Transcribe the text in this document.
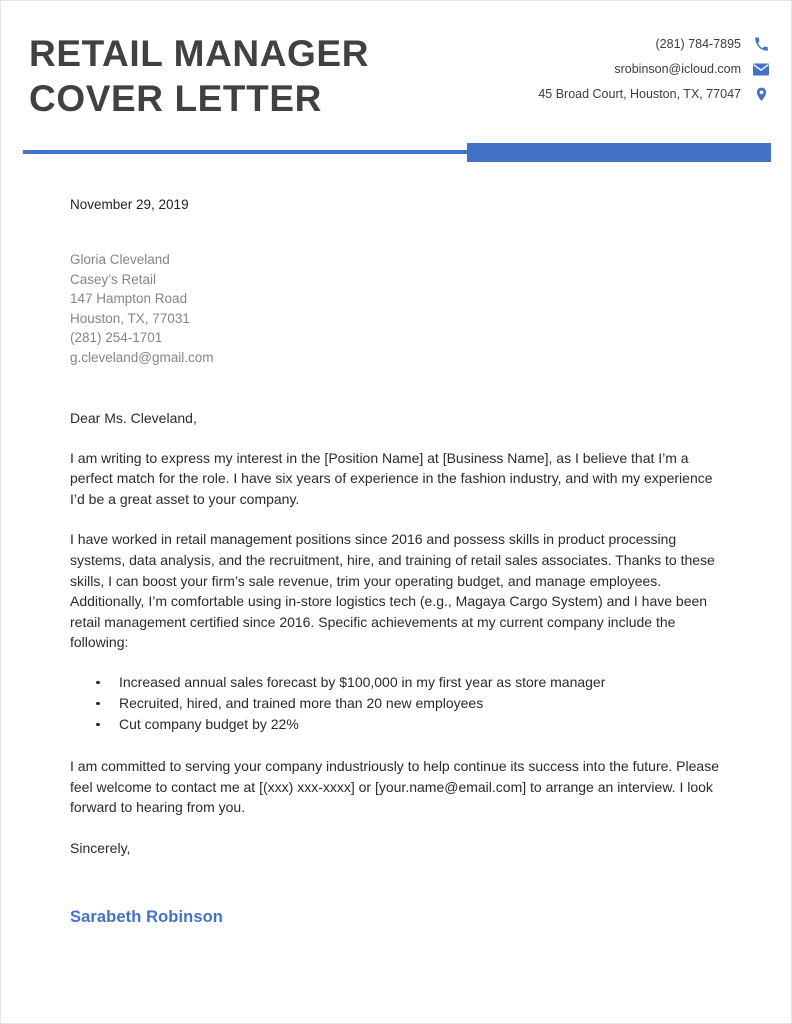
RETAIL MANAGER
COVER LETTER
(281) 784-7895
srobinson@icloud.com
45 Broad Court, Houston, TX, 77047
November 29, 2019
Gloria Cleveland
Casey’s Retail
147 Hampton Road
Houston, TX, 77031
(281) 254-1701
g.cleveland@gmail.com
Dear Ms. Cleveland,

I am writing to express my interest in the [Position Name] at [Business Name], as I believe that I’m a perfect match for the role. I have six years of experience in the fashion industry, and with my experience I’d be a great asset to your company.

I have worked in retail management positions since 2016 and possess skills in product processing systems, data analysis, and the recruitment, hire, and training of retail sales associates. Thanks to these skills, I can boost your firm’s sale revenue, trim your operating budget, and manage employees. Additionally, I’m comfortable using in-store logistics tech (e.g., Magaya Cargo System) and I have been retail management certified since 2016. Specific achievements at my current company include the following:

Increased annual sales forecast by $100,000 in my first year as store manager
Recruited, hired, and trained more than 20 new employees
Cut company budget by 22%

I am committed to serving your company industriously to help continue its success into the future. Please feel welcome to contact me at [(xxx) xxx-xxxx] or [your.name@email.com] to arrange an interview. I look forward to hearing from you.

Sincerely,
Sarabeth Robinson
